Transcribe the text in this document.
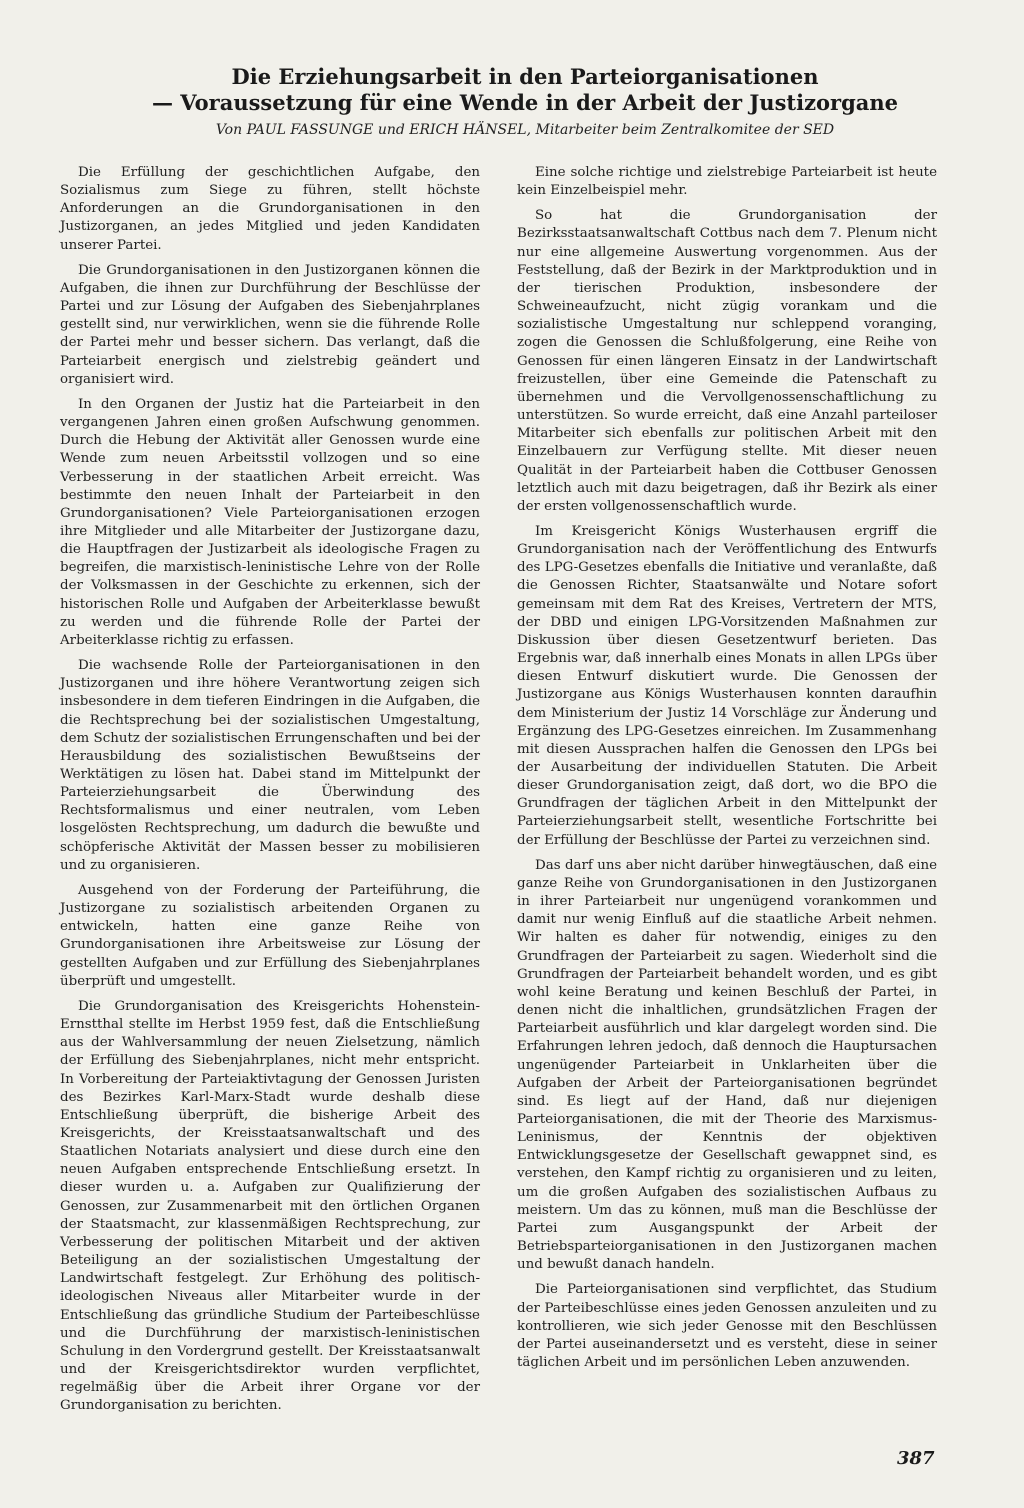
Die Erziehungsarbeit in den Parteiorganisationen
— Voraussetzung für eine Wende in der Arbeit der Justizorgane
Von PAUL FASSUNGE und ERICH HÄNSEL, Mitarbeiter beim Zentralkomitee der SED

Die Erfüllung der geschichtlichen Aufgabe, den Sozialismus zum Siege zu führen, stellt höchste Anforderungen an die Grundorganisationen in den Justizorganen, an jedes Mitglied und jeden Kandidaten unserer Partei.

Die Grundorganisationen in den Justizorganen können die Aufgaben, die ihnen zur Durchführung der Beschlüsse der Partei und zur Lösung der Aufgaben des Siebenjahrplanes gestellt sind, nur verwirklichen, wenn sie die führende Rolle der Partei mehr und besser sichern. Das verlangt, daß die Parteiarbeit energisch und zielstrebig geändert und organisiert wird.

In den Organen der Justiz hat die Parteiarbeit in den vergangenen Jahren einen großen Aufschwung genommen. Durch die Hebung der Aktivität aller Genossen wurde eine Wende zum neuen Arbeitsstil vollzogen und so eine Verbesserung in der staatlichen Arbeit erreicht. Was bestimmte den neuen Inhalt der Parteiarbeit in den Grundorganisationen? Viele Parteiorganisationen erzogen ihre Mitglieder und alle Mitarbeiter der Justizorgane dazu, die Hauptfragen der Justizarbeit als ideologische Fragen zu begreifen, die marxistisch-leninistische Lehre von der Rolle der Volksmassen in der Geschichte zu erkennen, sich der historischen Rolle und Aufgaben der Arbeiterklasse bewußt zu werden und die führende Rolle der Partei der Arbeiterklasse richtig zu erfassen.

Die wachsende Rolle der Parteiorganisationen in den Justizorganen und ihre höhere Verantwortung zeigen sich insbesondere in dem tieferen Eindringen in die Aufgaben, die die Rechtsprechung bei der sozialistischen Umgestaltung, dem Schutz der sozialistischen Errungenschaften und bei der Herausbildung des sozialistischen Bewußtseins der Werktätigen zu lösen hat. Dabei stand im Mittelpunkt der Parteierziehungsarbeit die Überwindung des Rechtsformalismus und einer neutralen, vom Leben losgelösten Rechtsprechung, um dadurch die bewußte und schöpferische Aktivität der Massen besser zu mobilisieren und zu organisieren.

Ausgehend von der Forderung der Parteiführung, die Justizorgane zu sozialistisch arbeitenden Organen zu entwickeln, hatten eine ganze Reihe von Grundorganisationen ihre Arbeitsweise zur Lösung der gestellten Aufgaben und zur Erfüllung des Siebenjahrplanes überprüft und umgestellt.

Die Grundorganisation des Kreisgerichts Hohenstein-Ernstthal stellte im Herbst 1959 fest, daß die Entschließung aus der Wahlversammlung der neuen Zielsetzung, nämlich der Erfüllung des Siebenjahrplanes, nicht mehr entspricht. In Vorbereitung der Parteiaktivtagung der Genossen Juristen des Bezirkes Karl-Marx-Stadt wurde deshalb diese Entschließung überprüft, die bisherige Arbeit des Kreisgerichts, der Kreisstaatsanwaltschaft und des Staatlichen Notariats analysiert und diese durch eine den neuen Aufgaben entsprechende Entschließung ersetzt. In dieser wurden u. a. Aufgaben zur Qualifizierung der Genossen, zur Zusammenarbeit mit den örtlichen Organen der Staatsmacht, zur klassenmäßigen Rechtsprechung, zur Verbesserung der politischen Mitarbeit und der aktiven Beteiligung an der sozialistischen Umgestaltung der Landwirtschaft festgelegt. Zur Erhöhung des politisch-ideologischen Niveaus aller Mitarbeiter wurde in der Entschließung das gründliche Studium der Parteibeschlüsse und die Durchführung der marxistisch-leninistischen Schulung in den Vordergrund gestellt. Der Kreisstaatsanwalt und der Kreisgerichtsdirektor wurden verpflichtet, regelmäßig über die Arbeit ihrer Organe vor der Grundorganisation zu berichten.

Eine solche richtige und zielstrebige Parteiarbeit ist heute kein Einzelbeispiel mehr.

So hat die Grundorganisation der Bezirksstaatsanwaltschaft Cottbus nach dem 7. Plenum nicht nur eine allgemeine Auswertung vorgenommen. Aus der Feststellung, daß der Bezirk in der Marktproduktion und in der tierischen Produktion, insbesondere der Schweineaufzucht, nicht zügig vorankam und die sozialistische Umgestaltung nur schleppend voranging, zogen die Genossen die Schlußfolgerung, eine Reihe von Genossen für einen längeren Einsatz in der Landwirtschaft freizustellen, über eine Gemeinde die Patenschaft zu übernehmen und die Vervollgenossenschaftlichung zu unterstützen. So wurde erreicht, daß eine Anzahl parteiloser Mitarbeiter sich ebenfalls zur politischen Arbeit mit den Einzelbauern zur Verfügung stellte. Mit dieser neuen Qualität in der Parteiarbeit haben die Cottbuser Genossen letztlich auch mit dazu beigetragen, daß ihr Bezirk als einer der ersten vollgenossenschaftlich wurde.

Im Kreisgericht Königs Wusterhausen ergriff die Grundorganisation nach der Veröffentlichung des Entwurfs des LPG-Gesetzes ebenfalls die Initiative und veranlaßte, daß die Genossen Richter, Staatsanwälte und Notare sofort gemeinsam mit dem Rat des Kreises, Vertretern der MTS, der DBD und einigen LPG-Vorsitzenden Maßnahmen zur Diskussion über diesen Gesetzentwurf berieten. Das Ergebnis war, daß innerhalb eines Monats in allen LPGs über diesen Entwurf diskutiert wurde. Die Genossen der Justizorgane aus Königs Wusterhausen konnten daraufhin dem Ministerium der Justiz 14 Vorschläge zur Änderung und Ergänzung des LPG-Gesetzes einreichen. Im Zusammenhang mit diesen Aussprachen halfen die Genossen den LPGs bei der Ausarbeitung der individuellen Statuten. Die Arbeit dieser Grundorganisation zeigt, daß dort, wo die BPO die Grundfragen der täglichen Arbeit in den Mittelpunkt der Parteierziehungsarbeit stellt, wesentliche Fortschritte bei der Erfüllung der Beschlüsse der Partei zu verzeichnen sind.

Das darf uns aber nicht darüber hinwegtäuschen, daß eine ganze Reihe von Grundorganisationen in den Justizorganen in ihrer Parteiarbeit nur ungenügend vorankommen und damit nur wenig Einfluß auf die staatliche Arbeit nehmen. Wir halten es daher für notwendig, einiges zu den Grundfragen der Parteiarbeit zu sagen. Wiederholt sind die Grundfragen der Parteiarbeit behandelt worden, und es gibt wohl keine Beratung und keinen Beschluß der Partei, in denen nicht die inhaltlichen, grundsätzlichen Fragen der Parteiarbeit ausführlich und klar dargelegt worden sind. Die Erfahrungen lehren jedoch, daß dennoch die Hauptursachen ungenügender Parteiarbeit in Unklarheiten über die Aufgaben der Arbeit der Parteiorganisationen begründet sind. Es liegt auf der Hand, daß nur diejenigen Parteiorganisationen, die mit der Theorie des Marxismus-Leninismus, der Kenntnis der objektiven Entwicklungsgesetze der Gesellschaft gewappnet sind, es verstehen, den Kampf richtig zu organisieren und zu leiten, um die großen Aufgaben des sozialistischen Aufbaus zu meistern. Um das zu können, muß man die Beschlüsse der Partei zum Ausgangspunkt der Arbeit der Betriebsparteiorganisationen in den Justizorganen machen und bewußt danach handeln.

Die Parteiorganisationen sind verpflichtet, das Studium der Parteibeschlüsse eines jeden Genossen anzuleiten und zu kontrollieren, wie sich jeder Genosse mit den Beschlüssen der Partei auseinandersetzt und es versteht, diese in seiner täglichen Arbeit und im persönlichen Leben anzuwenden.

387
